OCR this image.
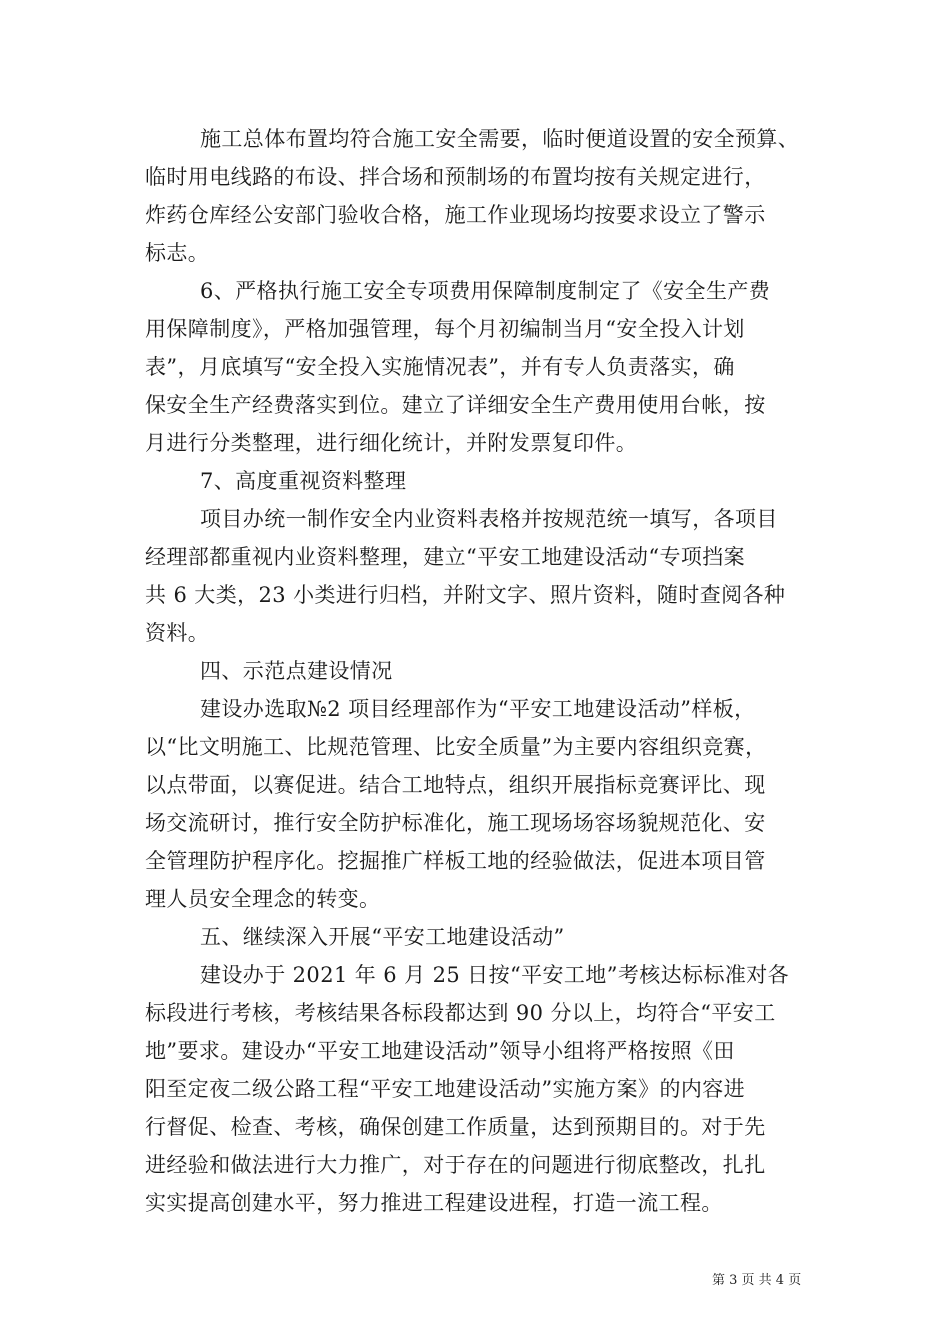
施工总体布置均符合施工安全需要，临时便道设置的安全预算、
临时用电线路的布设、拌合场和预制场的布置均按有关规定进行，
炸药仓库经公安部门验收合格，施工作业现场均按要求设立了警示
标志。
6、严格执行施工安全专项费用保障制度制定了《安全生产费
用保障制度》，严格加强管理，每个月初编制当月“安全投入计划
表”，月底填写“安全投入实施情况表”，并有专人负责落实，确
保安全生产经费落实到位。建立了详细安全生产费用使用台帐，按
月进行分类整理，进行细化统计，并附发票复印件。
7、高度重视资料整理
项目办统一制作安全内业资料表格并按规范统一填写，各项目
经理部都重视内业资料整理，建立“平安工地建设活动“专项挡案
共 6 大类，23 小类进行归档，并附文字、照片资料，随时查阅各种
资料。
四、示范点建设情况
建设办选取№2 项目经理部作为“平安工地建设活动”样板，
以“比文明施工、比规范管理、比安全质量”为主要内容组织竞赛，
以点带面，以赛促进。结合工地特点，组织开展指标竞赛评比、现
场交流研讨，推行安全防护标准化，施工现场场容场貌规范化、安
全管理防护程序化。挖掘推广样板工地的经验做法，促进本项目管
理人员安全理念的转变。
五、继续深入开展“平安工地建设活动”
建设办于 2021 年 6 月 25 日按“平安工地”考核达标标准对各
标段进行考核，考核结果各标段都达到 90 分以上，均符合“平安工
地”要求。建设办“平安工地建设活动”领导小组将严格按照《田
阳至定夜二级公路工程“平安工地建设活动”实施方案》的内容进
行督促、检查、考核，确保创建工作质量，达到预期目的。对于先
进经验和做法进行大力推广，对于存在的问题进行彻底整改，扎扎
实实提高创建水平，努力推进工程建设进程，打造一流工程。
第 3 页 共 4 页
